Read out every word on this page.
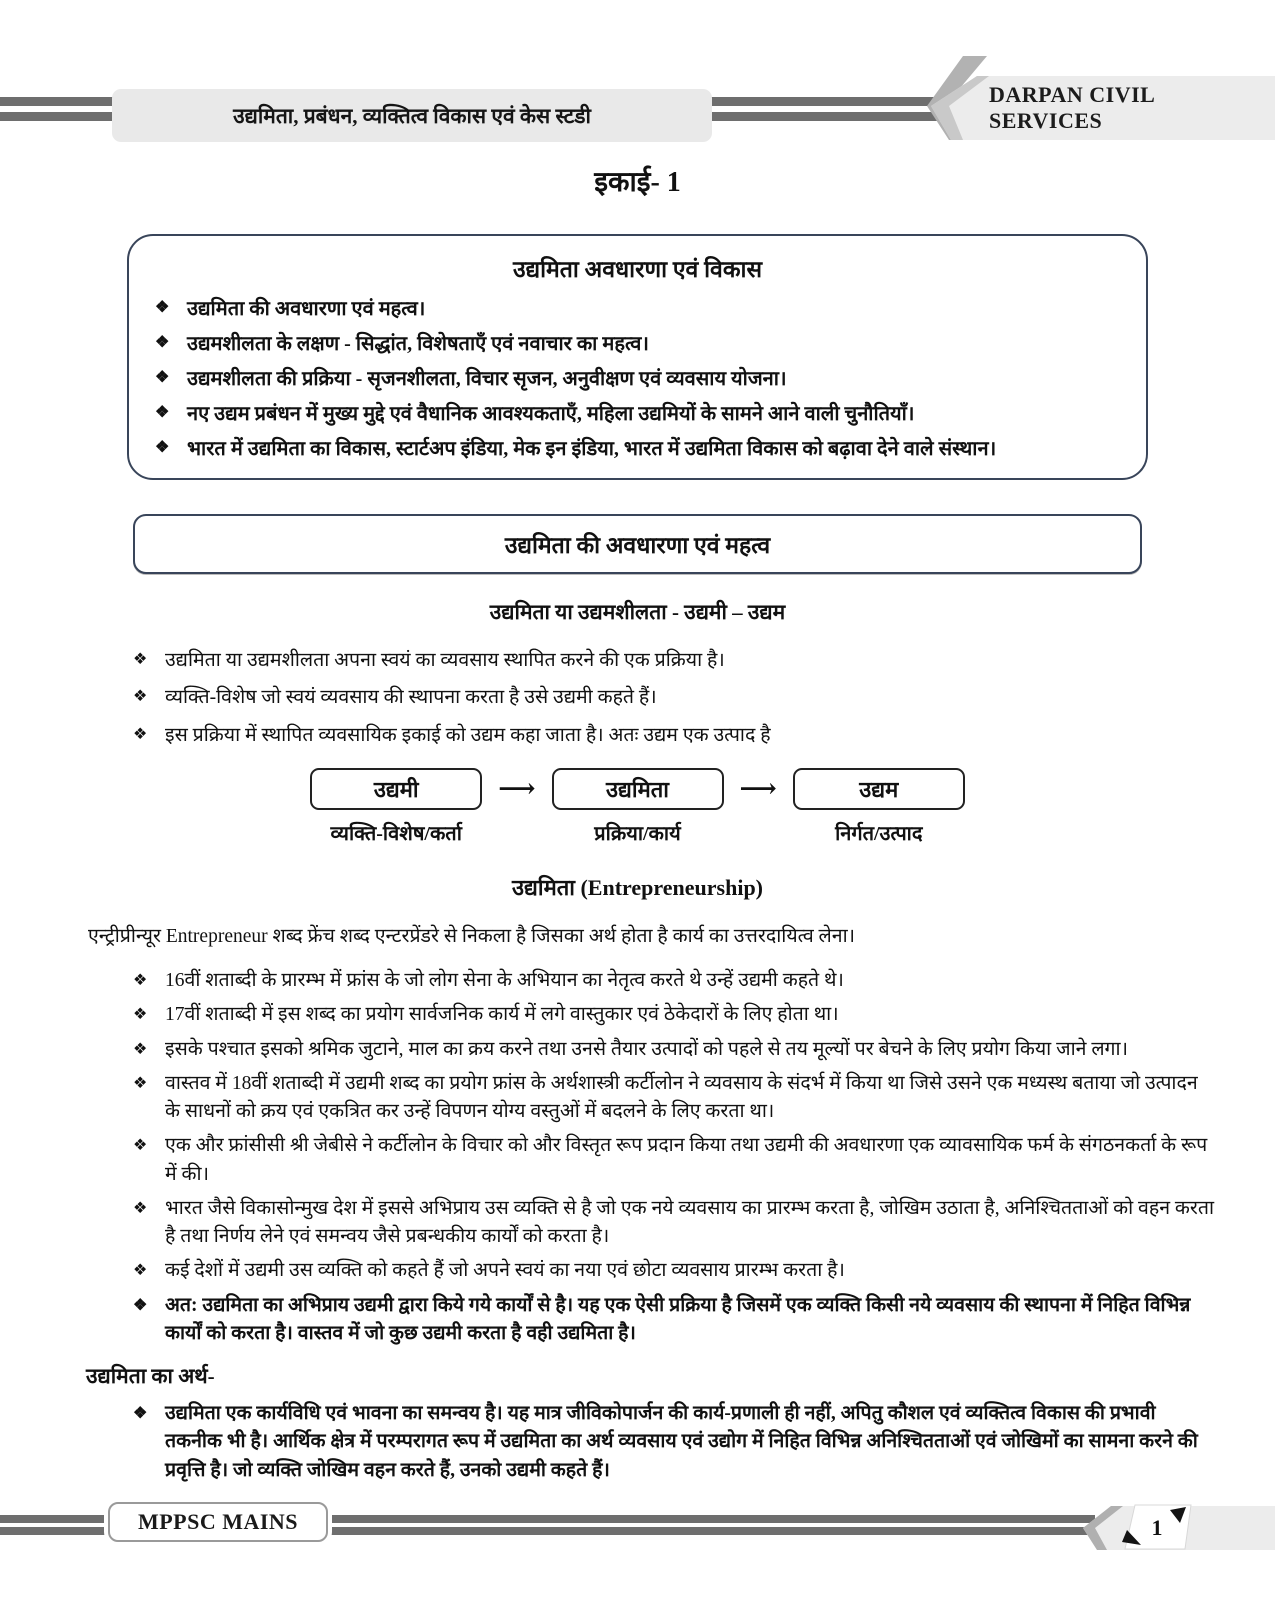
उद्यमिता, प्रबंधन, व्यक्तित्व विकास एवं केस स्टडी
DARPAN CIVIL SERVICES
इकाई- 1
उद्यमिता अवधारणा एवं विकास
❖ उद्यमिता की अवधारणा एवं महत्व।
❖ उद्यमशीलता के लक्षण - सिद्धांत, विशेषताएँ एवं नवाचार का महत्व।
❖ उद्यमशीलता की प्रक्रिया - सृजनशीलता, विचार सृजन, अनुवीक्षण एवं व्यवसाय योजना।
❖ नए उद्यम प्रबंधन में मुख्य मुद्दे एवं वैधानिक आवश्यकताएँ, महिला उद्यमियों के सामने आने वाली चुनौतियाँ।
❖ भारत में उद्यमिता का विकास, स्टार्टअप इंडिया, मेक इन इंडिया, भारत में उद्यमिता विकास को बढ़ावा देने वाले संस्थान।
उद्यमिता की अवधारणा एवं महत्व
उद्यमिता या उद्यमशीलता - उद्यमी – उद्यम
❖ उद्यमिता या उद्यमशीलता अपना स्वयं का व्यवसाय स्थापित करने की एक प्रक्रिया है।
❖ व्यक्ति-विशेष जो स्वयं व्यवसाय की स्थापना करता है उसे उद्यमी कहते हैं।
❖ इस प्रक्रिया में स्थापित व्यवसायिक इकाई को उद्यम कहा जाता है। अतः उद्यम एक उत्पाद है
उद्यमी
व्यक्ति-विशेष/कर्ता
⟶	उद्यमिता
प्रक्रिया/कार्य
⟶	उद्यम
निर्गत/उत्पाद
उद्यमिता (Entrepreneurship)
एन्ट्रीप्रीन्यूर Entrepreneur शब्द फ्रेंच शब्द एन्टरप्रेंडरे से निकला है जिसका अर्थ होता है कार्य का उत्तरदायित्व लेना।
❖ 16वीं शताब्दी के प्रारम्भ में फ्रांस के जो लोग सेना के अभियान का नेतृत्व करते थे उन्हें उद्यमी कहते थे।
❖ 17वीं शताब्दी में इस शब्द का प्रयोग सार्वजनिक कार्य में लगे वास्तुकार एवं ठेकेदारों के लिए होता था।
❖ इसके पश्चात इसको श्रमिक जुटाने, माल का क्रय करने तथा उनसे तैयार उत्पादों को पहले से तय मूल्यों पर बेचने के लिए प्रयोग किया जाने लगा।
❖ वास्तव में 18वीं शताब्दी में उद्यमी शब्द का प्रयोग फ्रांस के अर्थशास्त्री कर्टीलोन ने व्यवसाय के संदर्भ में किया था जिसे उसने एक मध्यस्थ बताया जो उत्पादन के साधनों को क्रय एवं एकत्रित कर उन्हें विपणन योग्य वस्तुओं में बदलने के लिए करता था।
❖ एक और फ्रांसीसी श्री जेबीसे ने कर्टीलोन के विचार को और विस्तृत रूप प्रदान किया तथा उद्यमी की अवधारणा एक व्यावसायिक फर्म के संगठनकर्ता के रूप में की।
❖ भारत जैसे विकासोन्मुख देश में इससे अभिप्राय उस व्यक्ति से है जो एक नये व्यवसाय का प्रारम्भ करता है, जोखिम उठाता है, अनिश्चितताओं को वहन करता है तथा निर्णय लेने एवं समन्वय जैसे प्रबन्धकीय कार्यों को करता है।
❖ कई देशों में उद्यमी उस व्यक्ति को कहते हैं जो अपने स्वयं का नया एवं छोटा व्यवसाय प्रारम्भ करता है।
❖ अत: उद्यमिता का अभिप्राय उद्यमी द्वारा किये गये कार्यों से है। यह एक ऐसी प्रक्रिया है जिसमें एक व्यक्ति किसी नये व्यवसाय की स्थापना में निहित विभिन्न कार्यों को करता है। वास्तव में जो कुछ उद्यमी करता है वही उद्यमिता है।
उद्यमिता का अर्थ-
❖ उद्यमिता एक कार्यविधि एवं भावना का समन्वय है। यह मात्र जीविकोपार्जन की कार्य-प्रणाली ही नहीं, अपितु कौशल एवं व्यक्तित्व विकास की प्रभावी तकनीक भी है। आर्थिक क्षेत्र में परम्परागत रूप में उद्यमिता का अर्थ व्यवसाय एवं उद्योग में निहित विभिन्न अनिश्चितताओं एवं जोखिमों का सामना करने की प्रवृत्ति है। जो व्यक्ति जोखिम वहन करते हैं, उनको उद्यमी कहते हैं।
MPPSC MAINS	1
